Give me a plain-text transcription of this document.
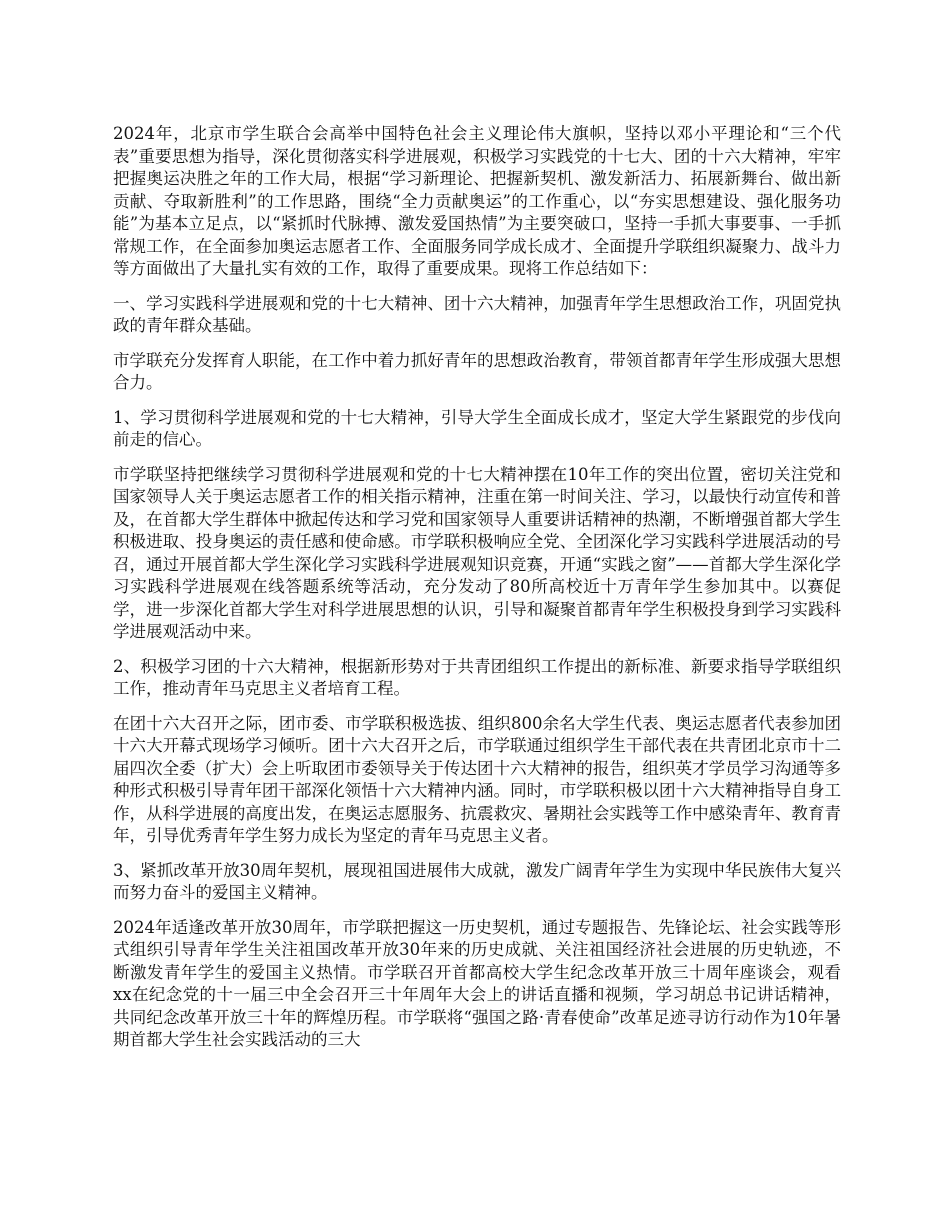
2024年，北京市学生联合会高举中国特色社会主义理论伟大旗帜，坚持以邓小平理论和“三个代表”重要思想为指导，深化贯彻落实科学进展观，积极学习实践党的十七大、团的十六大精神，牢牢把握奥运决胜之年的工作大局，根据“学习新理论、把握新契机、激发新活力、拓展新舞台、做出新贡献、夺取新胜利”的工作思路，围绕“全力贡献奥运”的工作重心，以“夯实思想建设、强化服务功能”为基本立足点，以“紧抓时代脉搏、激发爱国热情”为主要突破口，坚持一手抓大事要事、一手抓常规工作，在全面参加奥运志愿者工作、全面服务同学成长成才、全面提升学联组织凝聚力、战斗力等方面做出了大量扎实有效的工作，取得了重要成果。现将工作总结如下：

一、学习实践科学进展观和党的十七大精神、团十六大精神，加强青年学生思想政治工作，巩固党执政的青年群众基础。

市学联充分发挥育人职能，在工作中着力抓好青年的思想政治教育，带领首都青年学生形成强大思想合力。

1、学习贯彻科学进展观和党的十七大精神，引导大学生全面成长成才，坚定大学生紧跟党的步伐向前走的信心。

市学联坚持把继续学习贯彻科学进展观和党的十七大精神摆在10年工作的突出位置，密切关注党和国家领导人关于奥运志愿者工作的相关指示精神，注重在第一时间关注、学习，以最快行动宣传和普及，在首都大学生群体中掀起传达和学习党和国家领导人重要讲话精神的热潮，不断增强首都大学生积极进取、投身奥运的责任感和使命感。市学联积极响应全党、全团深化学习实践科学进展活动的号召，通过开展首都大学生深化学习实践科学进展观知识竞赛，开通“实践之窗”——首都大学生深化学习实践科学进展观在线答题系统等活动，充分发动了80所高校近十万青年学生参加其中。以赛促学，进一步深化首都大学生对科学进展思想的认识，引导和凝聚首都青年学生积极投身到学习实践科学进展观活动中来。

2、积极学习团的十六大精神，根据新形势对于共青团组织工作提出的新标准、新要求指导学联组织工作，推动青年马克思主义者培育工程。

在团十六大召开之际，团市委、市学联积极选拔、组织800余名大学生代表、奥运志愿者代表参加团十六大开幕式现场学习倾听。团十六大召开之后，市学联通过组织学生干部代表在共青团北京市十二届四次全委（扩大）会上听取团市委领导关于传达团十六大精神的报告，组织英才学员学习沟通等多种形式积极引导青年团干部深化领悟十六大精神内涵。同时，市学联积极以团十六大精神指导自身工作，从科学进展的高度出发，在奥运志愿服务、抗震救灾、暑期社会实践等工作中感染青年、教育青年，引导优秀青年学生努力成长为坚定的青年马克思主义者。

3、紧抓改革开放30周年契机，展现祖国进展伟大成就，激发广阔青年学生为实现中华民族伟大复兴而努力奋斗的爱国主义精神。

2024年适逢改革开放30周年，市学联把握这一历史契机，通过专题报告、先锋论坛、社会实践等形式组织引导青年学生关注祖国改革开放30年来的历史成就、关注祖国经济社会进展的历史轨迹，不断激发青年学生的爱国主义热情。市学联召开首都高校大学生纪念改革开放三十周年座谈会，观看xx在纪念党的十一届三中全会召开三十年周年大会上的讲话直播和视频，学习胡总书记讲话精神，共同纪念改革开放三十年的辉煌历程。市学联将“强国之路·青春使命”改革足迹寻访行动作为10年暑期首都大学生社会实践活动的三大
